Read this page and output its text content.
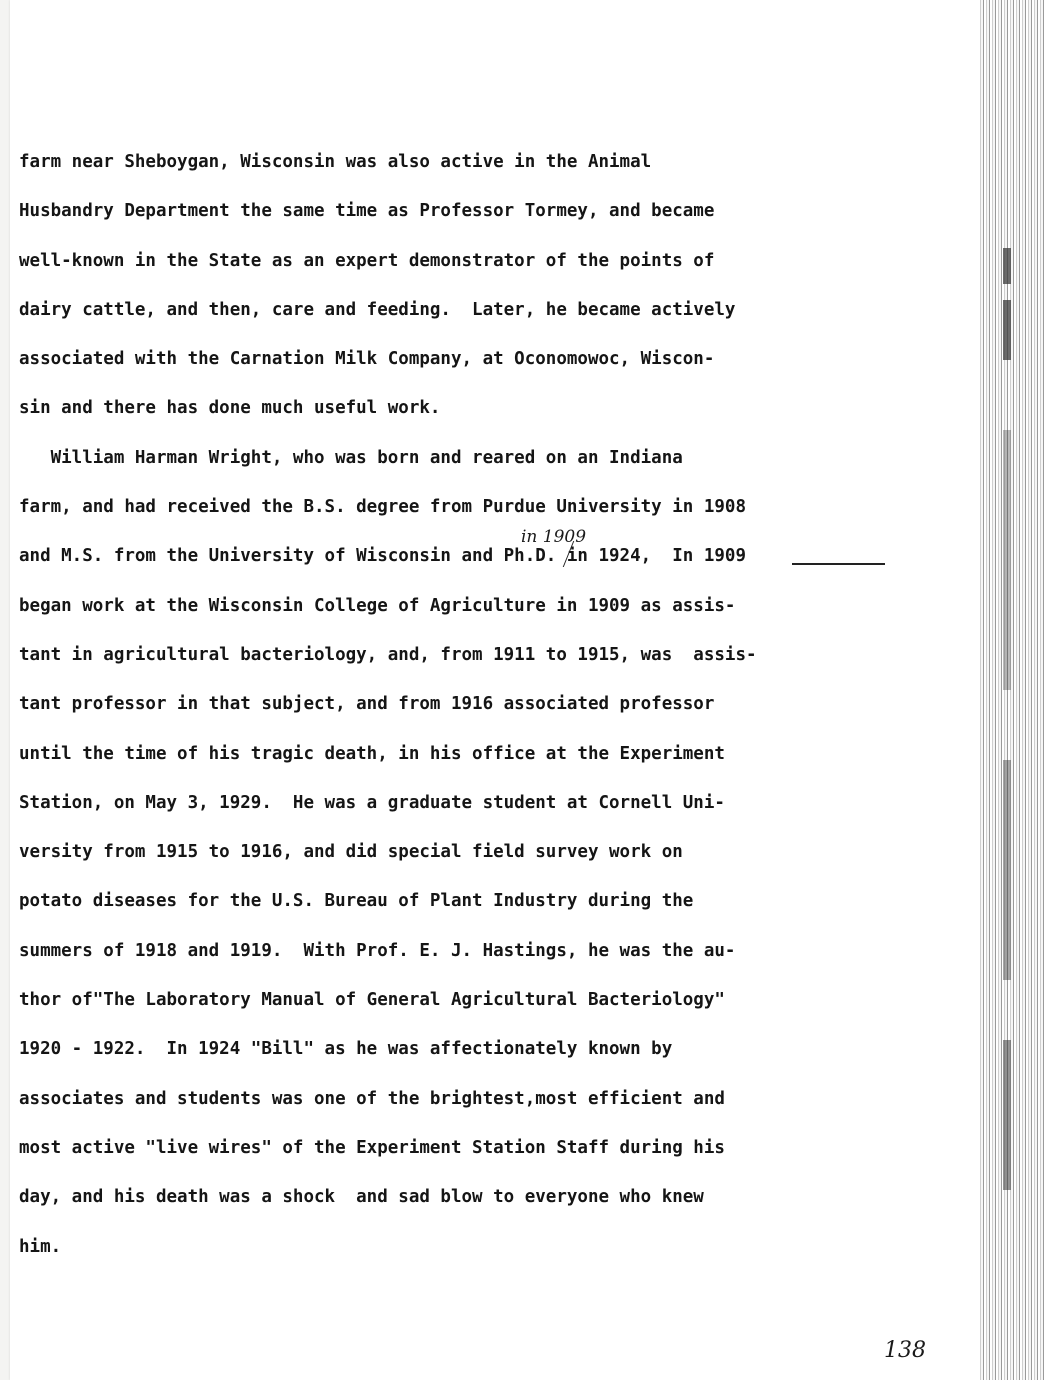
farm near Sheboygan, Wisconsin was also active in the Animal
Husbandry Department the same time as Professor Tormey, and became
well-known in the State as an expert demonstrator of the points of
dairy cattle, and then, care and feeding.  Later, he became actively
associated with the Carnation Milk Company, at Oconomowoc, Wiscon-
sin and there has done much useful work.
William Harman Wright, who was born and reared on an Indiana
farm, and had received the B.S. degree from Purdue University in 1908
and M.S. from the University of Wisconsin and Ph.D. in 1924,  In 1909
began work at the Wisconsin College of Agriculture in 1909 as assis-
tant in agricultural bacteriology, and, from 1911 to 1915, was  assis-
tant professor in that subject, and from 1916 associated professor
until the time of his tragic death, in his office at the Experiment
Station, on May 3, 1929.  He was a graduate student at Cornell Uni-
versity from 1915 to 1916, and did special field survey work on
potato diseases for the U.S. Bureau of Plant Industry during the
summers of 1918 and 1919.  With Prof. E. J. Hastings, he was the au-
thor of"The Laboratory Manual of General Agricultural Bacteriology"
1920 - 1922.  In 1924 "Bill" as he was affectionately known by
associates and students was one of the brightest,most efficient and
most active "live wires" of the Experiment Station Staff during his
day, and his death was a shock  and sad blow to everyone who knew
him.
in 1909
138
